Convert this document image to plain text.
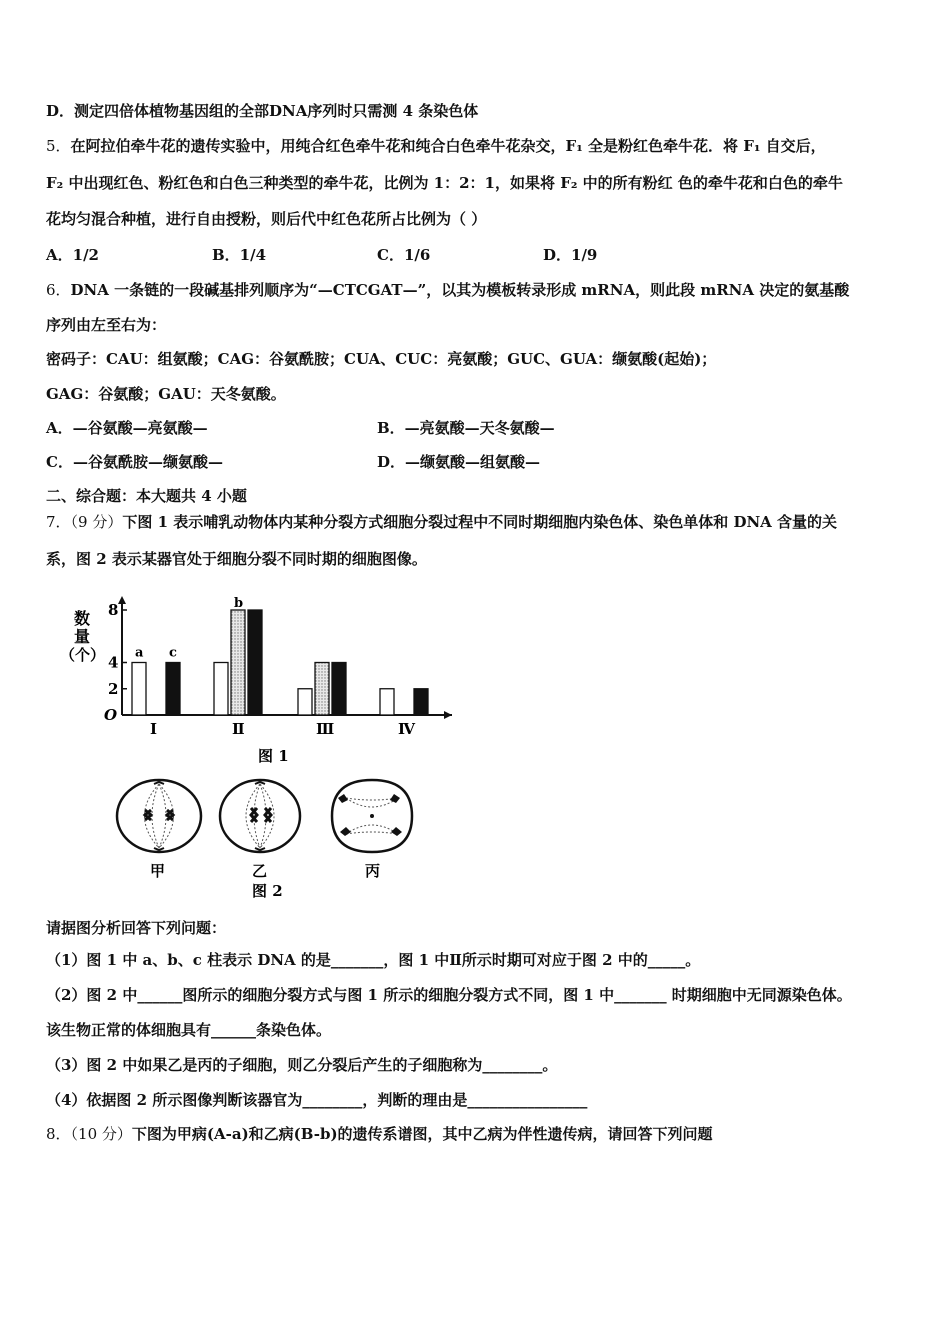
D．测定四倍体植物基因组的全部DNA序列时只需测 4 条染色体
5．在阿拉伯牵牛花的遗传实验中，用纯合红色牵牛花和纯合白色牵牛花杂交，F₁ 全是粉红色牵牛花．将 F₁ 自交后，
F₂ 中出现红色、粉红色和白色三种类型的牵牛花，比例为 1：2：1，如果将 F₂ 中的所有粉红 色的牵牛花和白色的牵牛
花均匀混合种植，进行自由授粉，则后代中红色花所占比例为（ ）
A．1/2	B．1/4	C．1/6	D．1/9
6．DNA 一条链的一段碱基排列顺序为“—CTCGAT—”，以其为模板转录形成 mRNA，则此段 mRNA 决定的氨基酸
序列由左至右为：
密码子：CAU：组氨酸；CAG：谷氨酰胺；CUA、CUC：亮氨酸；GUC、GUA：缬氨酸(起始)；
GAG：谷氨酸；GAU：天冬氨酸。
A．—谷氨酸—亮氨酸—	B．—亮氨酸—天冬氨酸—
C．—谷氨酰胺—缬氨酸—	D．—缬氨酸—组氨酸—
二、综合题：本大题共 4 小题
7．（9 分）下图 1 表示哺乳动物体内某种分裂方式细胞分裂过程中不同时期细胞内染色体、染色单体和 DNA 含量的关
系，图 2 表示某器官处于细胞分裂不同时期的细胞图像。
数
量
（个）
O
2
4
8
Ⅰ	Ⅱ	Ⅲ	Ⅳ
a c
b
图 1
甲	乙	丙
图 2
请据图分析回答下列问题：
（1）图 1 中 a、b、c 柱表示 DNA 的是_______，图 1 中Ⅱ所示时期可对应于图 2 中的_____。
（2）图 2 中______图所示的细胞分裂方式与图 1 所示的细胞分裂方式不同，图 1 中_______ 时期细胞中无同源染色体。
该生物正常的体细胞具有______条染色体。
（3）图 2 中如果乙是丙的子细胞，则乙分裂后产生的子细胞称为________。
（4）依据图 2 所示图像判断该器官为________，判断的理由是________________
8．（10 分）下图为甲病(A-a)和乙病(B-b)的遗传系谱图，其中乙病为伴性遗传病，请回答下列问题
